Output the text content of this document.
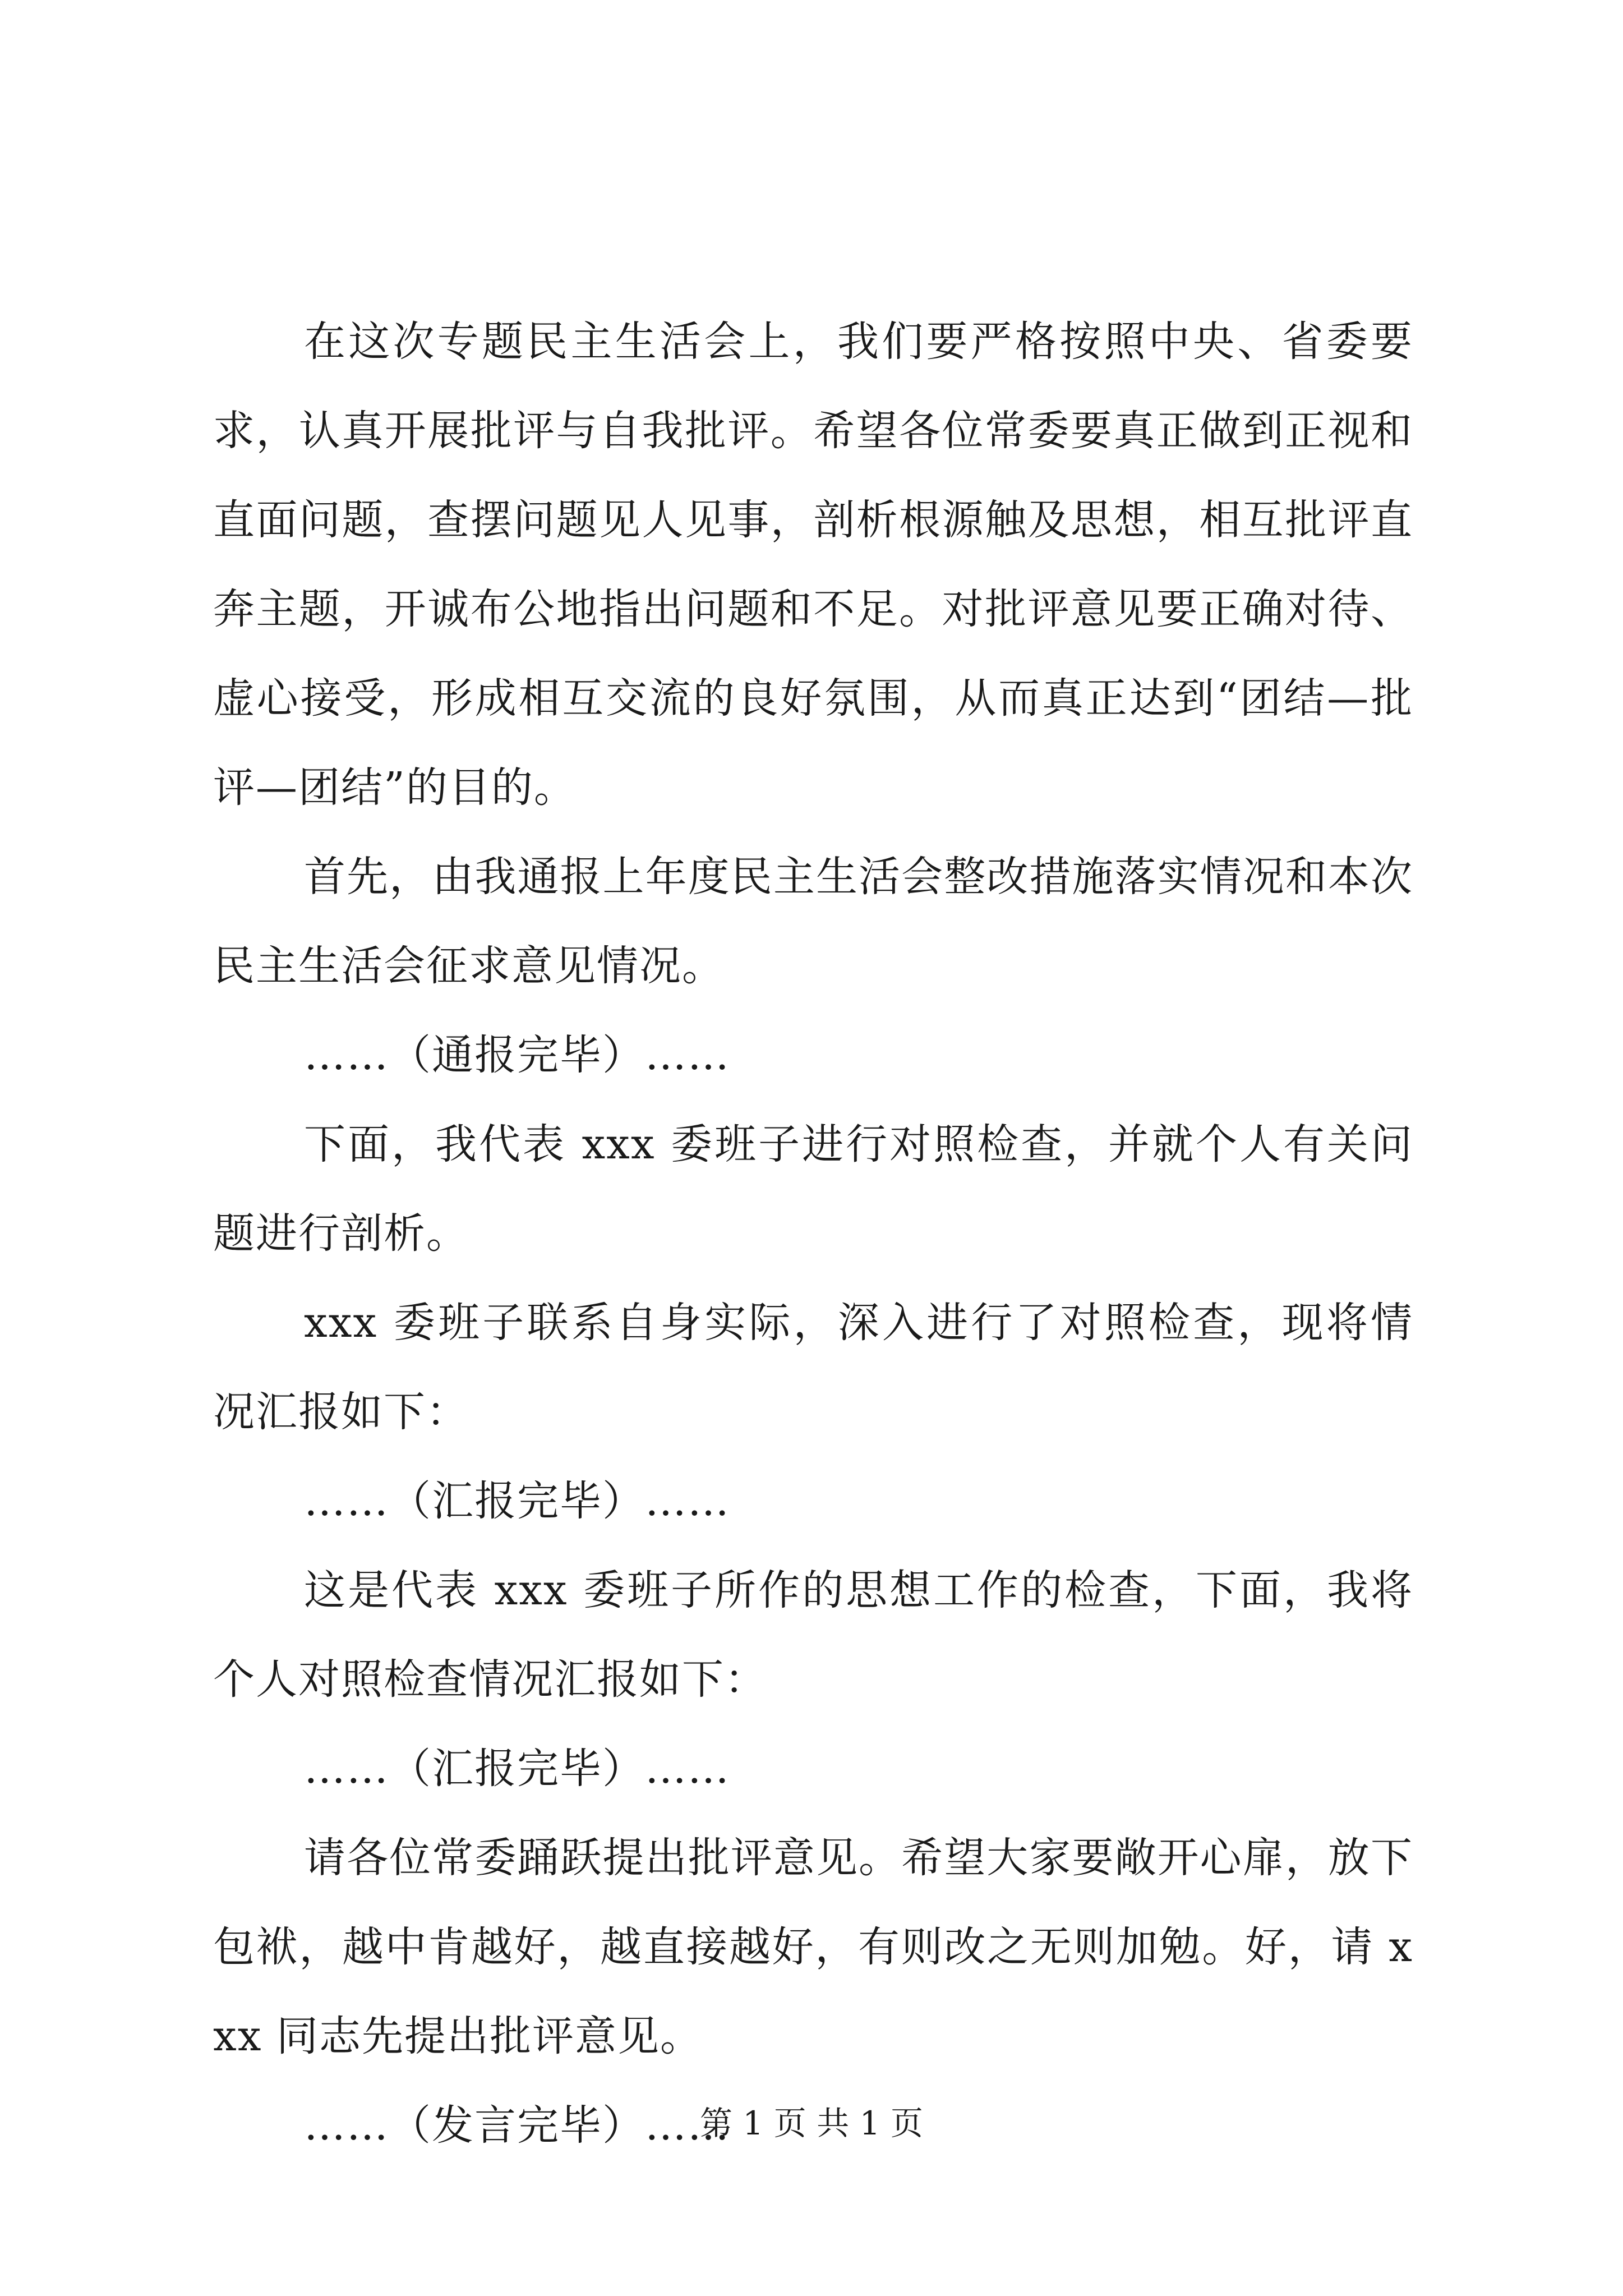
在这次专题民主生活会上，我们要严格按照中央、省委要求，认真开展批评与自我批评。希望各位常委要真正做到正视和直面问题，查摆问题见人见事，剖析根源触及思想，相互批评直奔主题，开诚布公地指出问题和不足。对批评意见要正确对待、虚心接受，形成相互交流的良好氛围，从而真正达到“团结—批评—团结”的目的。

首先，由我通报上年度民主生活会整改措施落实情况和本次民主生活会征求意见情况。

……（通报完毕）……

下面，我代表 xxx 委班子进行对照检查，并就个人有关问题进行剖析。

xxx 委班子联系自身实际，深入进行了对照检查，现将情况汇报如下：

……（汇报完毕）……

这是代表 xxx 委班子所作的思想工作的检查，下面，我将个人对照检查情况汇报如下：

……（汇报完毕）……

请各位常委踊跃提出批评意见。希望大家要敞开心扉，放下包袱，越中肯越好，越直接越好，有则改之无则加勉。好，请 xxx 同志先提出批评意见。

……（发言完毕）……

第 1 页 共 1 页
